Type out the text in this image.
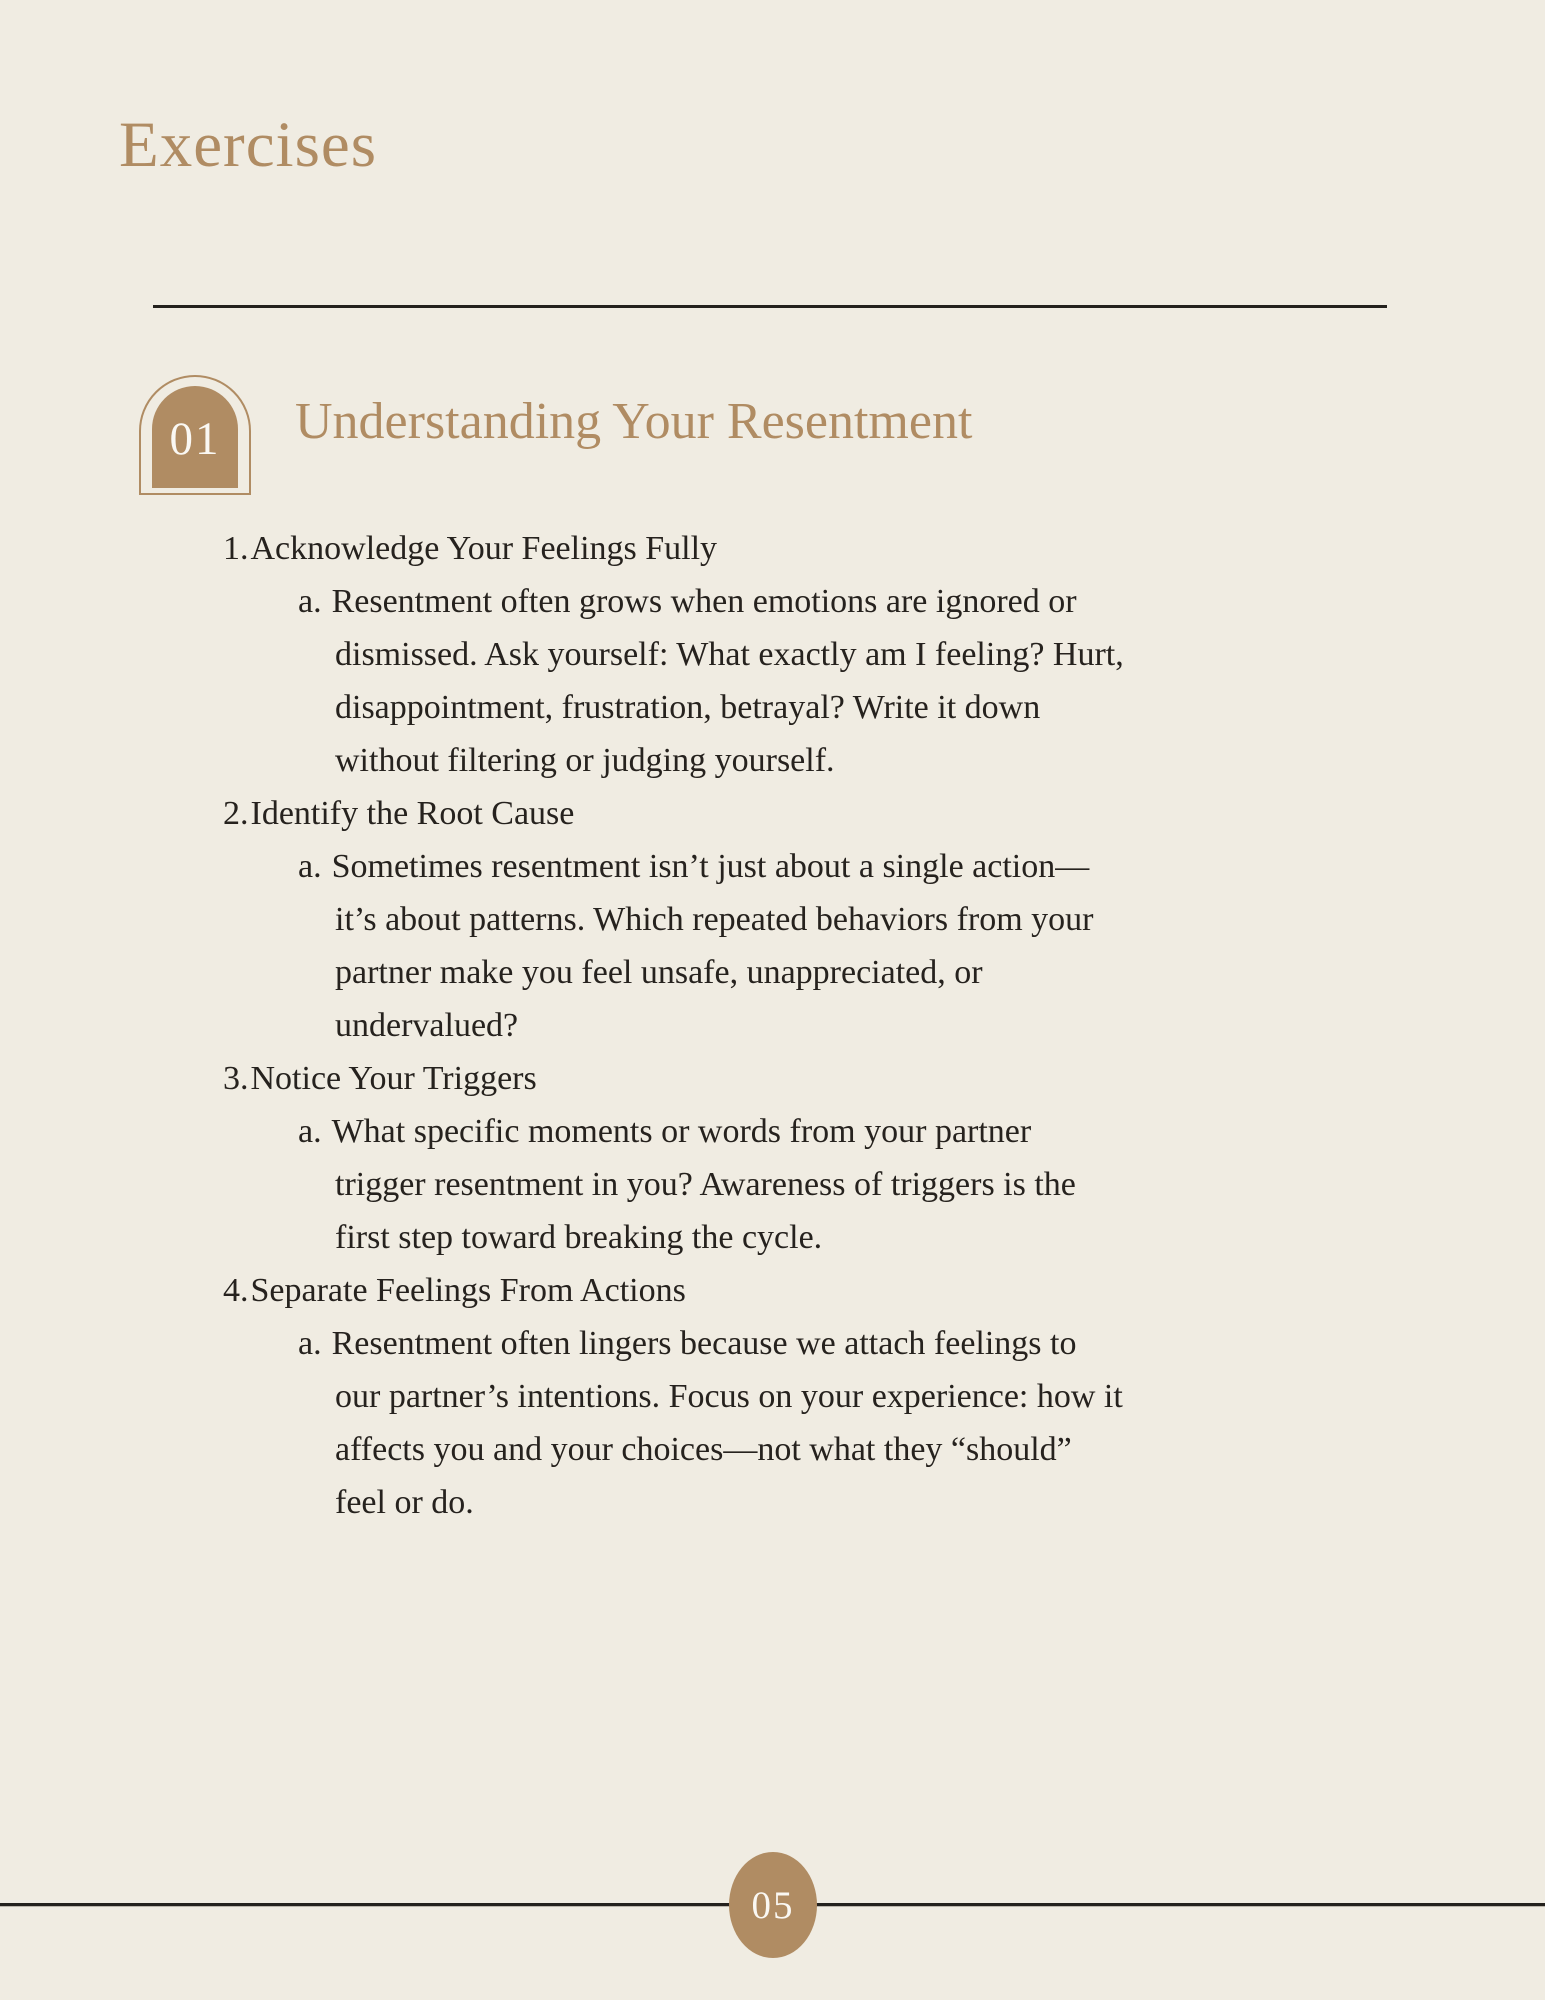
Exercises
01 Understanding Your Resentment
1.Acknowledge Your Feelings Fully
a. Resentment often grows when emotions are ignored or dismissed. Ask yourself: What exactly am I feeling? Hurt, disappointment, frustration, betrayal? Write it down without filtering or judging yourself.
2.Identify the Root Cause
a. Sometimes resentment isn’t just about a single action—it’s about patterns. Which repeated behaviors from your partner make you feel unsafe, unappreciated, or undervalued?
3.Notice Your Triggers
a. What specific moments or words from your partner trigger resentment in you? Awareness of triggers is the first step toward breaking the cycle.
4.Separate Feelings From Actions
a. Resentment often lingers because we attach feelings to our partner’s intentions. Focus on your experience: how it affects you and your choices—not what they “should” feel or do.
05
